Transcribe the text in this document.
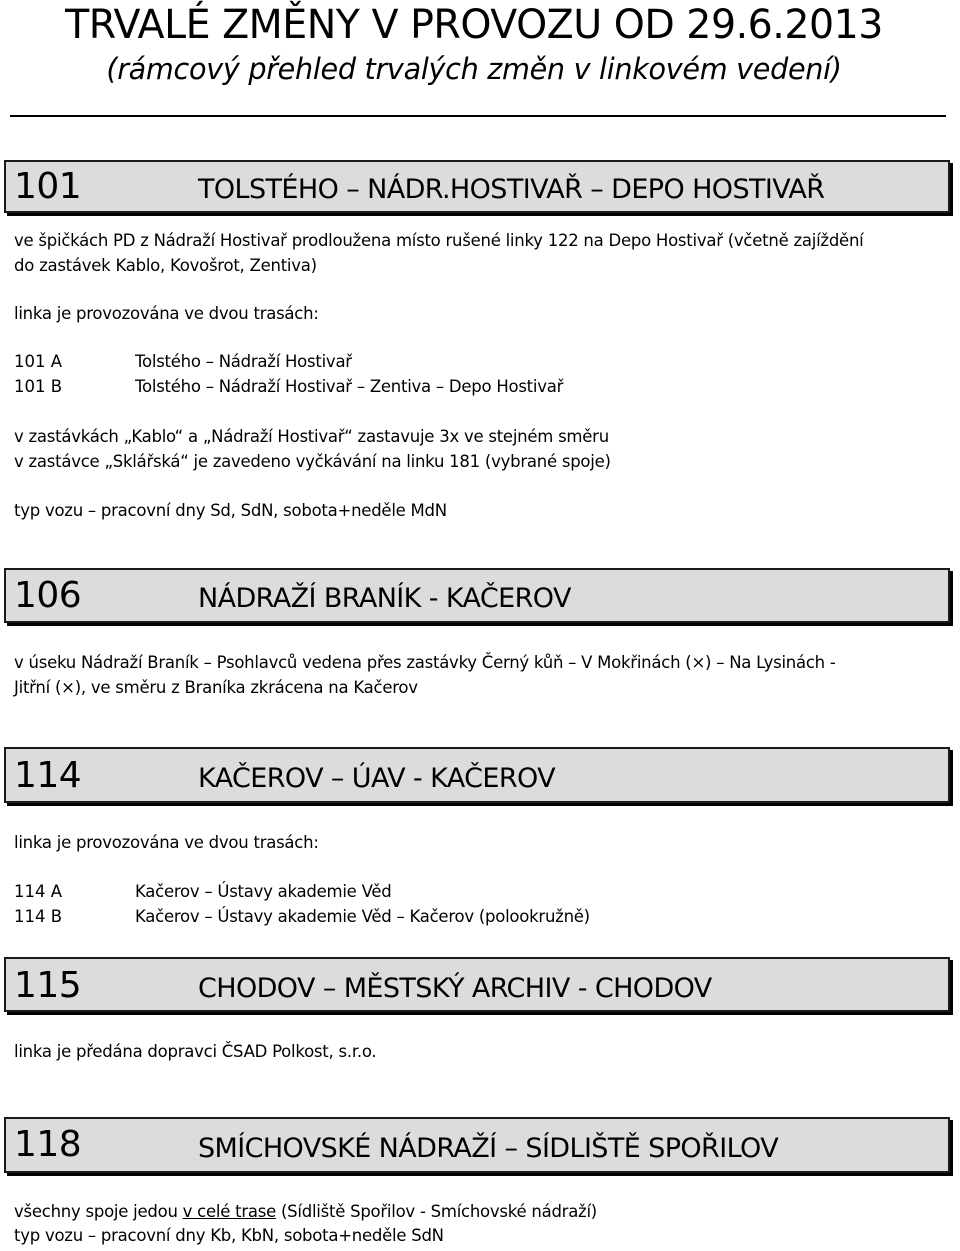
TRVALÉ ZMĚNY V PROVOZU OD 29.6.2013
(rámcový přehled trvalých změn v linkovém vedení)
101	TOLSTÉHO – NÁDR.HOSTIVAŘ – DEPO HOSTIVAŘ
ve špičkách PD z Nádraží Hostivař prodloužena místo rušené linky 122 na Depo Hostivař (včetně zajíždění
do zastávek Kablo, Kovošrot, Zentiva)
linka je provozována ve dvou trasách:
101 A	Tolstého – Nádraží Hostivař
101 B	Tolstého – Nádraží Hostivař – Zentiva – Depo Hostivař
v zastávkách „Kablo“ a „Nádraží Hostivař“ zastavuje 3x ve stejném směru
v zastávce „Sklářská“ je zavedeno vyčkávání na linku 181 (vybrané spoje)
typ vozu – pracovní dny Sd, SdN, sobota+neděle MdN
106	NÁDRAŽÍ BRANÍK - KAČEROV
v úseku Nádraží Braník – Psohlavců vedena přes zastávky Černý kůň – V Mokřinách (×) – Na Lysinách -
Jitřní (×), ve směru z Braníka zkrácena na Kačerov
114	KAČEROV – ÚAV - KAČEROV
linka je provozována ve dvou trasách:
114 A	Kačerov – Ústavy akademie Věd
114 B	Kačerov – Ústavy akademie Věd – Kačerov (polookružně)
115	CHODOV – MĚSTSKÝ ARCHIV - CHODOV
linka je předána dopravci ČSAD Polkost, s.r.o.
118	SMÍCHOVSKÉ NÁDRAŽÍ – SÍDLIŠTĚ SPOŘILOV
všechny spoje jedou v celé trase (Sídliště Spořilov - Smíchovské nádraží)
typ vozu – pracovní dny Kb, KbN, sobota+neděle SdN
